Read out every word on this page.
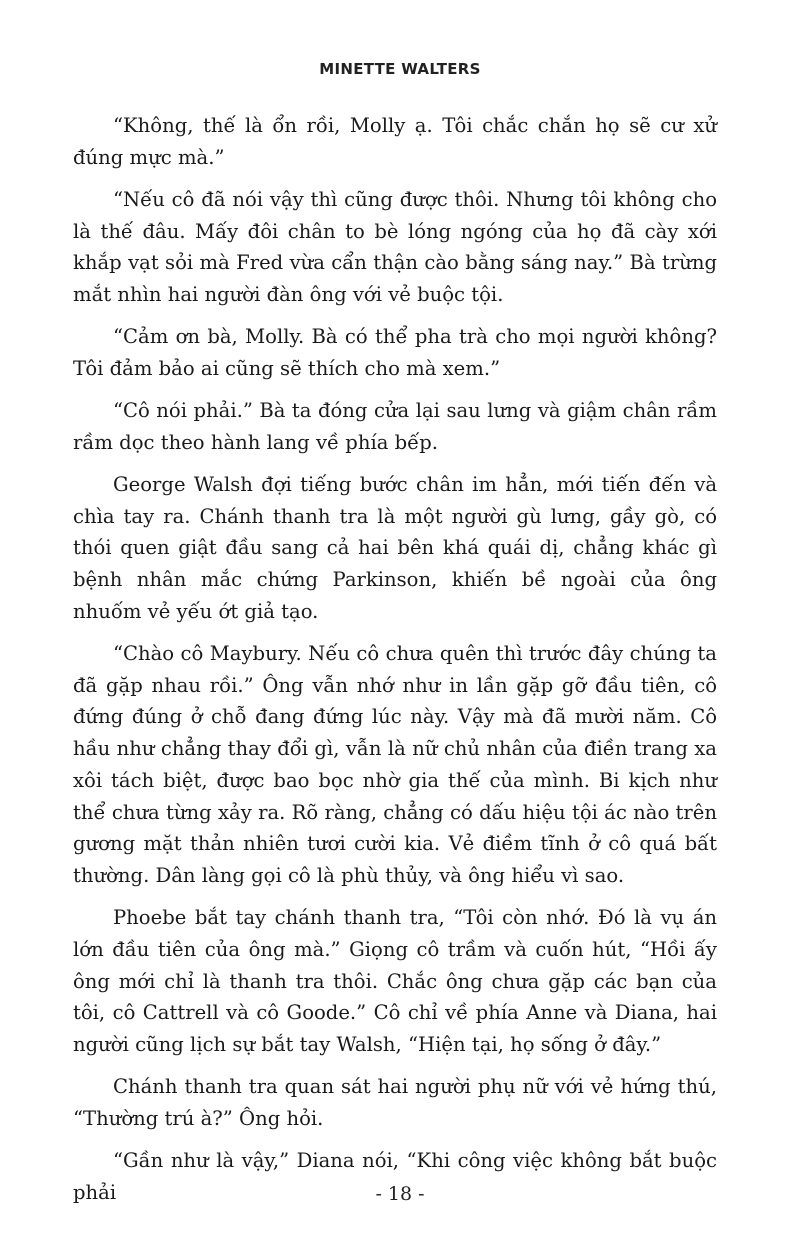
MINETTE WALTERS

“Không, thế là ổn rồi, Molly ạ. Tôi chắc chắn họ sẽ cư xử đúng mực mà.”

“Nếu cô đã nói vậy thì cũng được thôi. Nhưng tôi không cho là thế đâu. Mấy đôi chân to bè lóng ngóng của họ đã cày xới khắp vạt sỏi mà Fred vừa cẩn thận cào bằng sáng nay.” Bà trừng mắt nhìn hai người đàn ông với vẻ buộc tội.

“Cảm ơn bà, Molly. Bà có thể pha trà cho mọi người không? Tôi đảm bảo ai cũng sẽ thích cho mà xem.”

“Cô nói phải.” Bà ta đóng cửa lại sau lưng và giậm chân rầm rầm dọc theo hành lang về phía bếp.

George Walsh đợi tiếng bước chân im hẳn, mới tiến đến và chìa tay ra. Chánh thanh tra là một người gù lưng, gầy gò, có thói quen giật đầu sang cả hai bên khá quái dị, chẳng khác gì bệnh nhân mắc chứng Parkinson, khiến bề ngoài của ông nhuốm vẻ yếu ớt giả tạo.

“Chào cô Maybury. Nếu cô chưa quên thì trước đây chúng ta đã gặp nhau rồi.” Ông vẫn nhớ như in lần gặp gỡ đầu tiên, cô đứng đúng ở chỗ đang đứng lúc này. Vậy mà đã mười năm. Cô hầu như chẳng thay đổi gì, vẫn là nữ chủ nhân của điền trang xa xôi tách biệt, được bao bọc nhờ gia thế của mình. Bi kịch như thể chưa từng xảy ra. Rõ ràng, chẳng có dấu hiệu tội ác nào trên gương mặt thản nhiên tươi cười kia. Vẻ điềm tĩnh ở cô quá bất thường. Dân làng gọi cô là phù thủy, và ông hiểu vì sao.

Phoebe bắt tay chánh thanh tra, “Tôi còn nhớ. Đó là vụ án lớn đầu tiên của ông mà.” Giọng cô trầm và cuốn hút, “Hồi ấy ông mới chỉ là thanh tra thôi. Chắc ông chưa gặp các bạn của tôi, cô Cattrell và cô Goode.” Cô chỉ về phía Anne và Diana, hai người cũng lịch sự bắt tay Walsh, “Hiện tại, họ sống ở đây.”

Chánh thanh tra quan sát hai người phụ nữ với vẻ hứng thú, “Thường trú à?” Ông hỏi.

“Gần như là vậy,” Diana nói, “Khi công việc không bắt buộc phải	- 18 -
